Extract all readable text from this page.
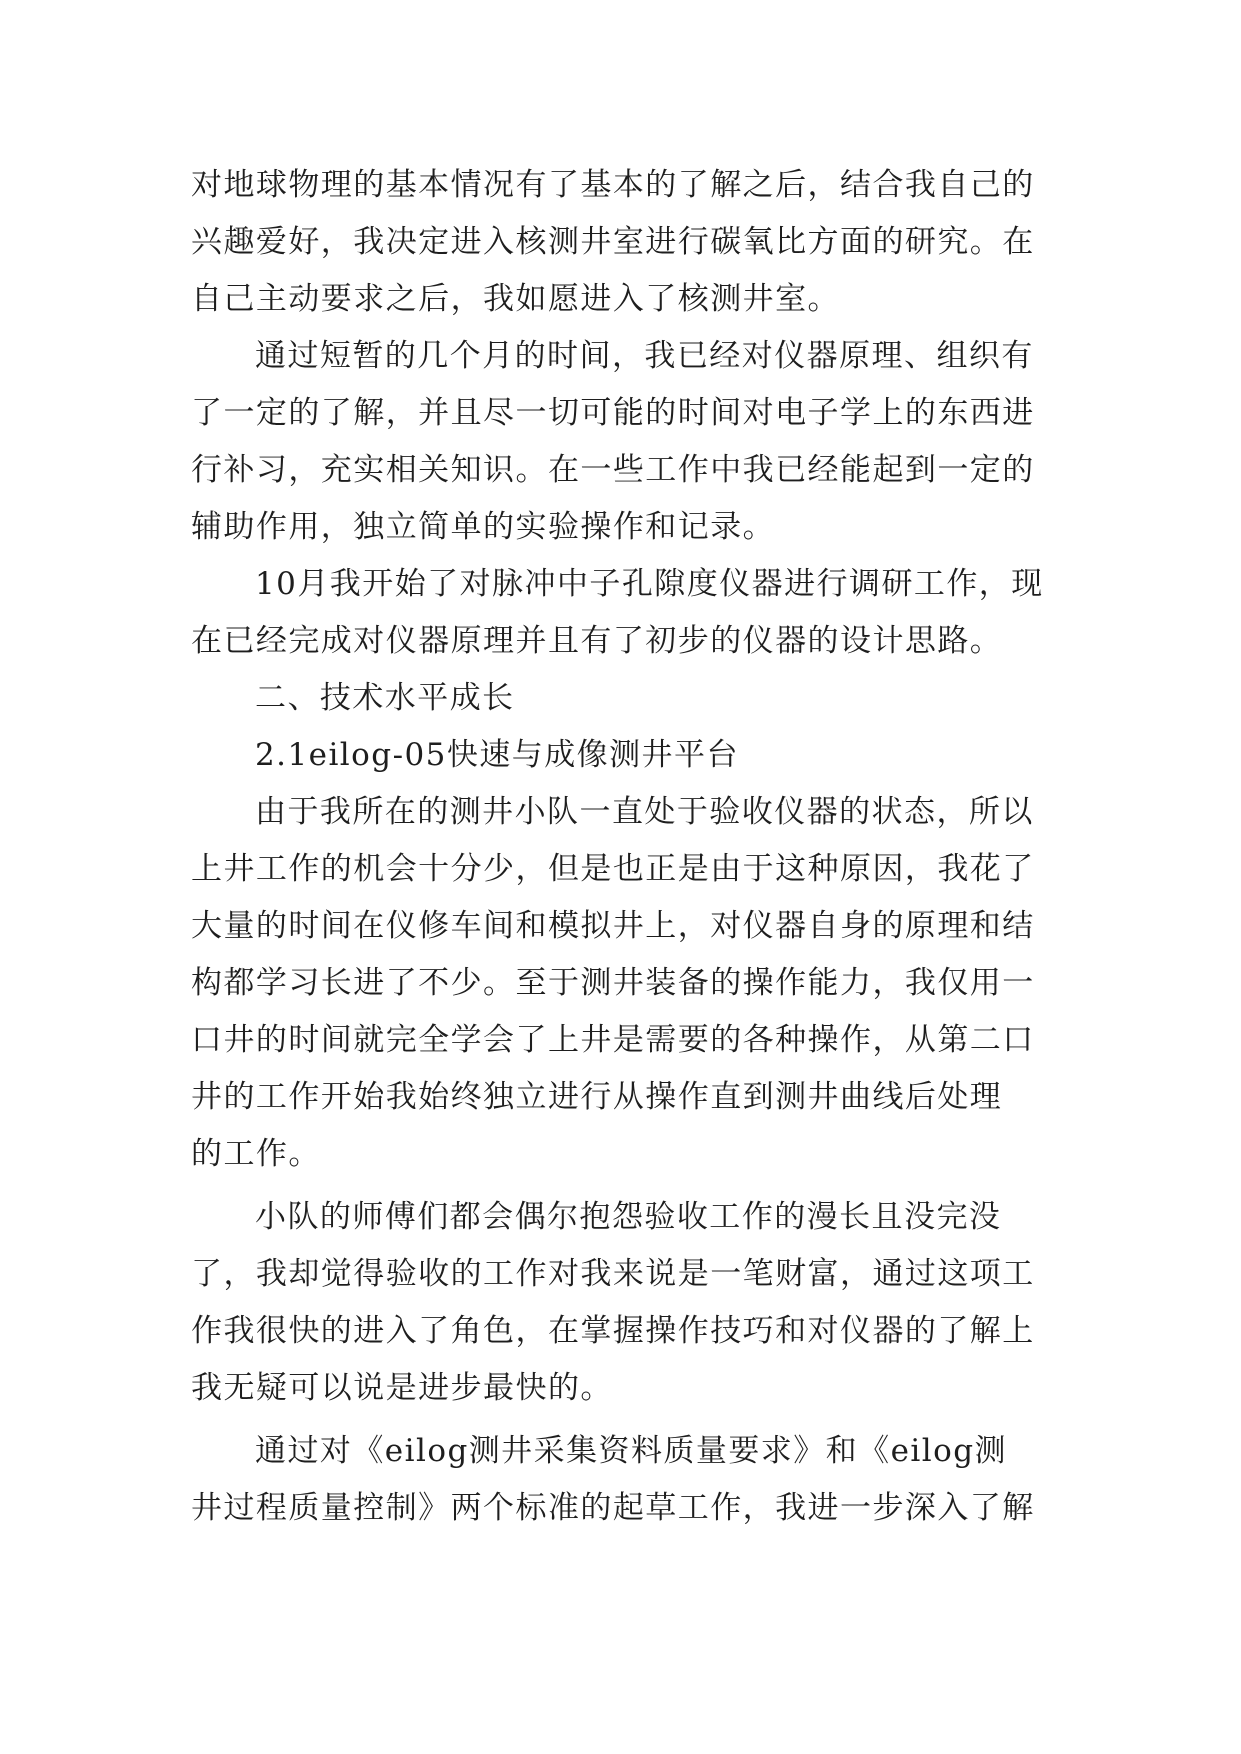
对地球物理的基本情况有了基本的了解之后，结合我自己的
兴趣爱好，我决定进入核测井室进行碳氧比方面的研究。在
自己主动要求之后，我如愿进入了核测井室。
通过短暂的几个月的时间，我已经对仪器原理、组织有
了一定的了解，并且尽一切可能的时间对电子学上的东西进
行补习，充实相关知识。在一些工作中我已经能起到一定的
辅助作用，独立简单的实验操作和记录。
10月我开始了对脉冲中子孔隙度仪器进行调研工作，现
在已经完成对仪器原理并且有了初步的仪器的设计思路。
二、技术水平成长
2.1eilog-05快速与成像测井平台
由于我所在的测井小队一直处于验收仪器的状态，所以
上井工作的机会十分少，但是也正是由于这种原因，我花了
大量的时间在仪修车间和模拟井上，对仪器自身的原理和结
构都学习长进了不少。至于测井装备的操作能力，我仅用一
口井的时间就完全学会了上井是需要的各种操作，从第二口
井的工作开始我始终独立进行从操作直到测井曲线后处理
的工作。
小队的师傅们都会偶尔抱怨验收工作的漫长且没完没
了，我却觉得验收的工作对我来说是一笔财富，通过这项工
作我很快的进入了角色，在掌握操作技巧和对仪器的了解上
我无疑可以说是进步最快的。
通过对《eilog测井采集资料质量要求》和《eilog测
井过程质量控制》两个标准的起草工作，我进一步深入了解
